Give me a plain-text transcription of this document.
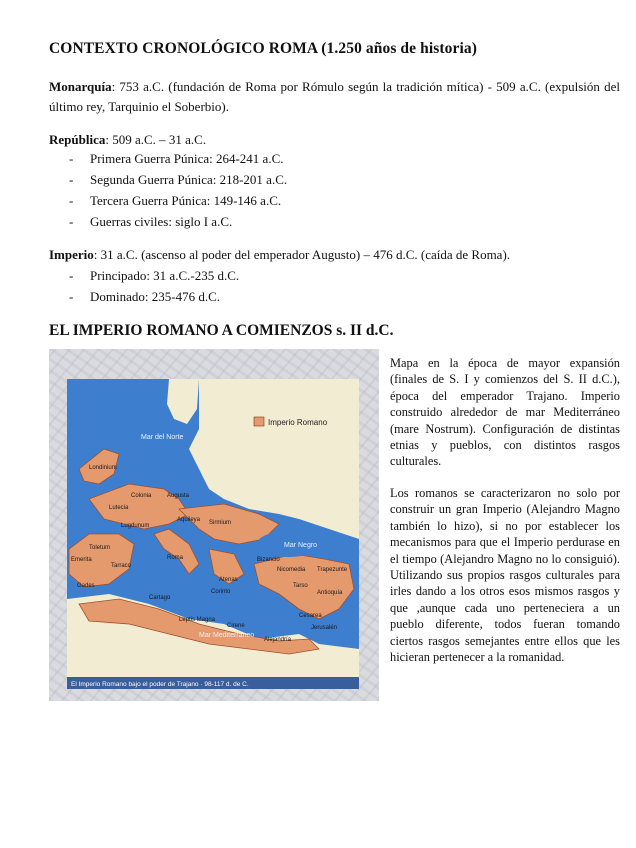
CONTEXTO CRONOLÓGICO ROMA (1.250 años de historia)

Monarquía: 753 a.C. (fundación de Roma por Rómulo según la tradición mítica) - 509 a.C. (expulsión del último rey, Tarquinio el Soberbio).

República: 509 a.C. – 31 a.C.

- Primera Guerra Púnica: 264-241 a.C.
- Segunda Guerra Púnica: 218-201 a.C.
- Tercera Guerra Púnica: 149-146 a.C.
- Guerras civiles: siglo I a.C.

Imperio: 31 a.C. (ascenso al poder del emperador Augusto) – 476 d.C. (caída de Roma).

- Principado: 31 a.C.-235 d.C.
- Dominado: 235-476 d.C.
EL IMPERIO ROMANO A COMIENZOS s. II d.C.
Imperio Romano
Mar del Norte
Mar Negro
Mar Mediterráneo
Londinium
Colonia
Lutecia
Augusta
Lugdunum
Roma
Tarraco
Cartago
Atenas
Bizancio
Antioquía
Alejandría
Jerusalén
Cesarea
Gades
Trapezunte
Tarso
Aquileya Sirmium
Corinto
Leptis Magna
Cirene
Toletum
Emerita
Nicomedia
El Imperio Romano bajo el poder de Trajano · 98-117 d. de C.

Mapa en la época de mayor expansión (finales de S. I y comienzos del S. II d.C.), época del emperador Trajano. Imperio construido alrededor de mar Mediterráneo (mare Nostrum). Configuración de distintas etnias y pueblos, con distintos rasgos culturales.

Los romanos se caracterizaron no solo por construir un gran Imperio (Alejandro Magno también lo hizo), si no por establecer los mecanismos para que el Imperio perdurase en el tiempo (Alejandro Magno no lo consiguió). Utilizando sus propios rasgos culturales para irles dando a los otros esos mismos rasgos y que ,aunque cada uno perteneciera a un pueblo diferente, todos fueran tomando ciertos rasgos semejantes entre ellos que les hicieran pertenecer a la romanidad.
